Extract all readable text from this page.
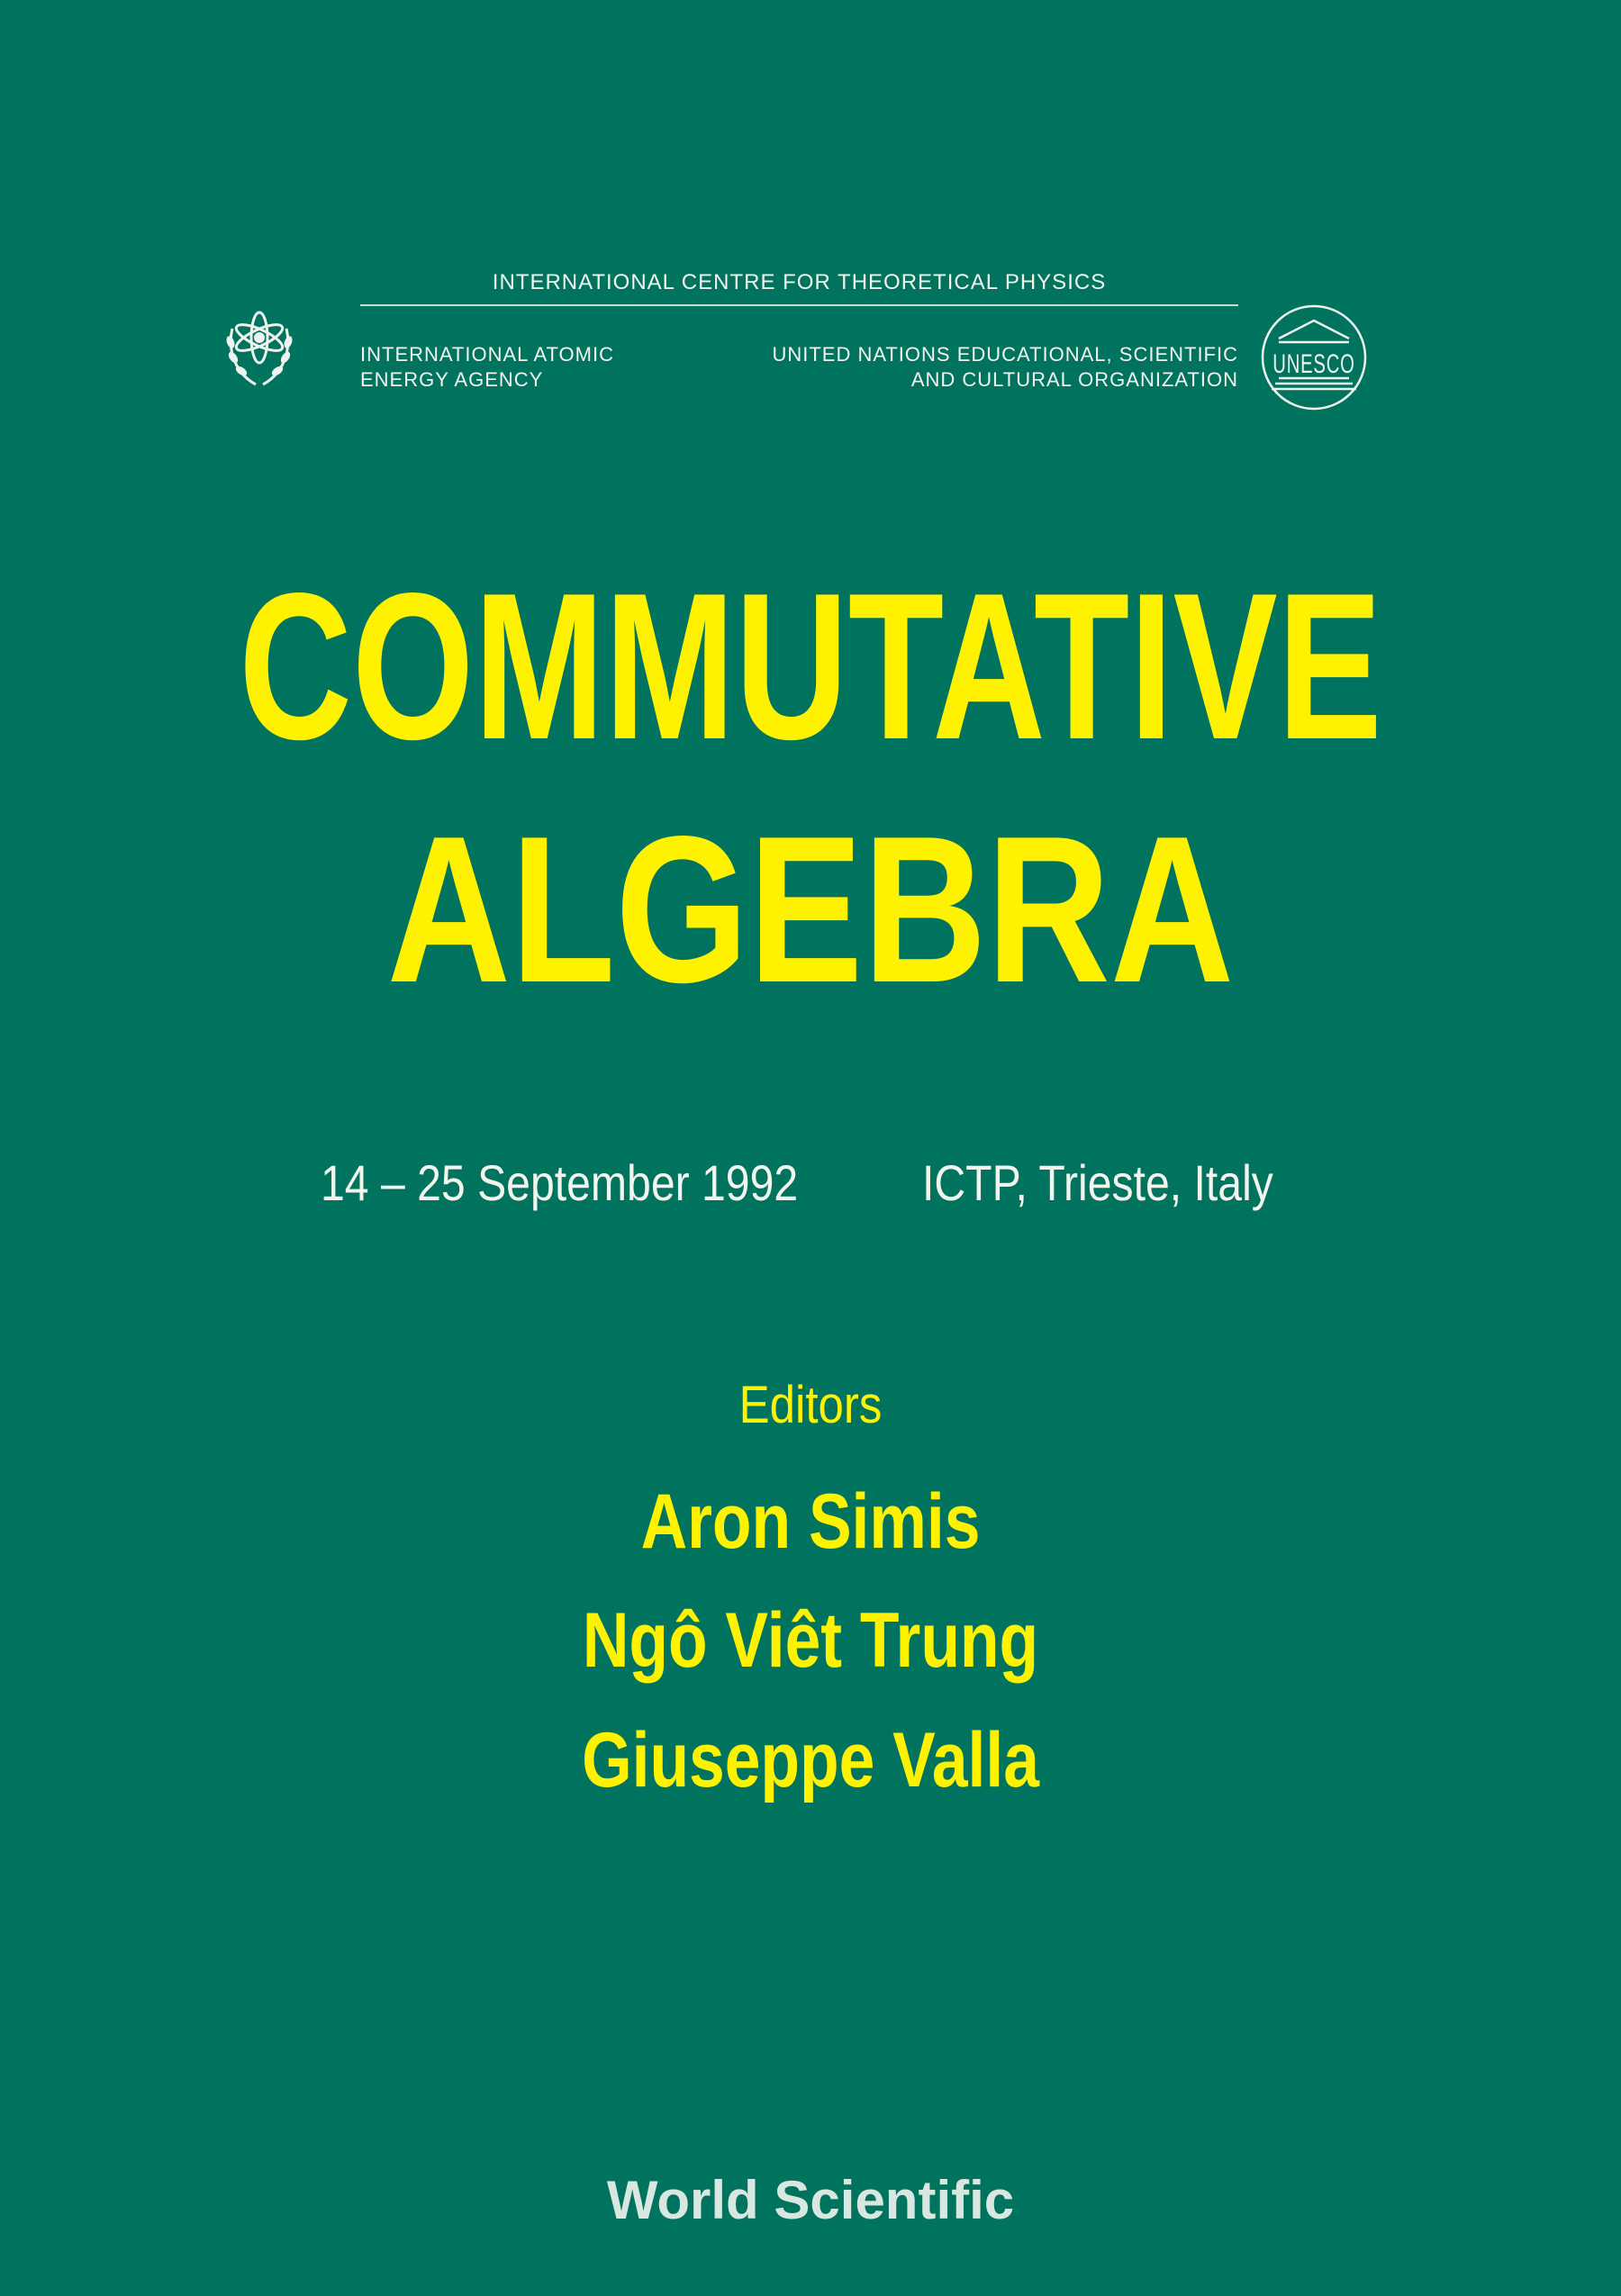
INTERNATIONAL CENTRE FOR THEORETICAL PHYSICS
INTERNATIONAL ATOMIC
ENERGY AGENCY
UNITED NATIONS EDUCATIONAL, SCIENTIFIC
AND CULTURAL ORGANIZATION
UNESCO
COMMUTATIVE
ALGEBRA
14 – 25 September 1992 ICTP, Trieste, Italy
Editors
Aron Simis
Ngô Viêt Trung
Giuseppe Valla
World Scientific
